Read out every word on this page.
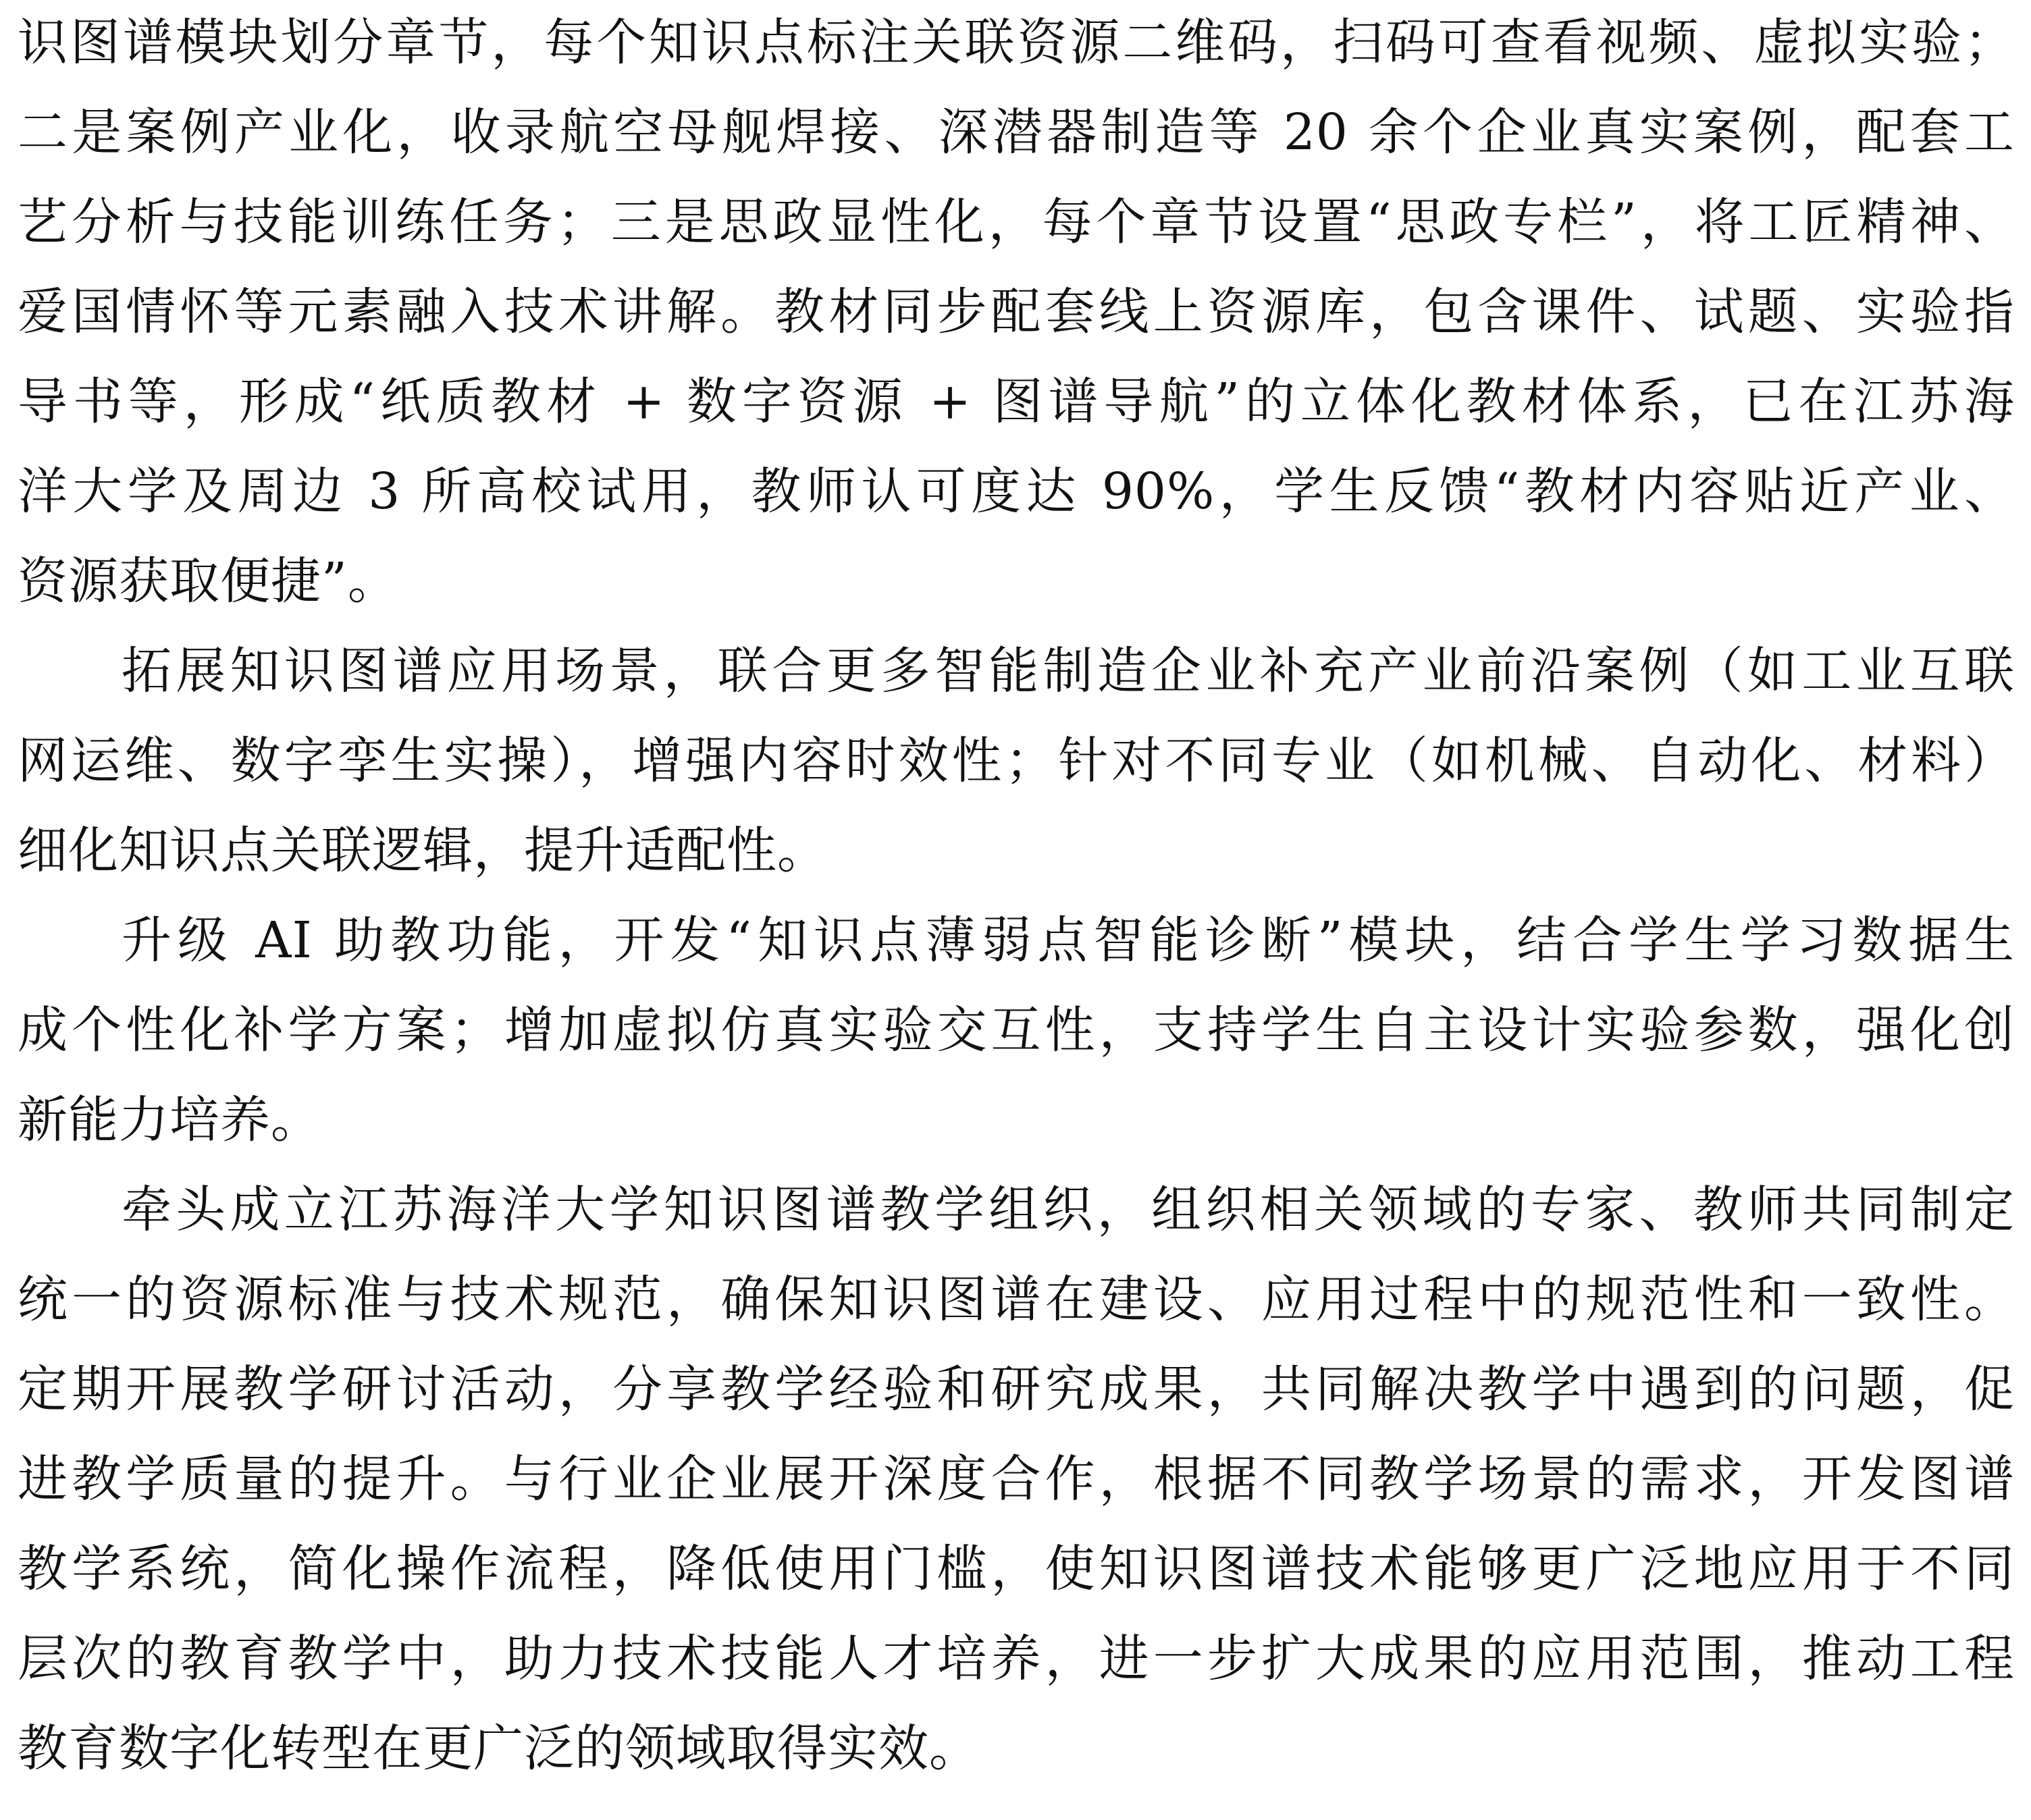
识图谱模块划分章节，每个知识点标注关联资源二维码，扫码可查看视频、虚拟实验；
二是案例产业化，收录航空母舰焊接、深潜器制造等 20 余个企业真实案例，配套工
艺分析与技能训练任务；三是思政显性化，每个章节设置“思政专栏”，将工匠精神、
爱国情怀等元素融入技术讲解。教材同步配套线上资源库，包含课件、试题、实验指
导书等，形成“纸质教材 + 数字资源 + 图谱导航”的立体化教材体系，已在江苏海
洋大学及周边 3 所高校试用，教师认可度达 90%，学生反馈“教材内容贴近产业、
资源获取便捷”。
拓展知识图谱应用场景，联合更多智能制造企业补充产业前沿案例（如工业互联
网运维、数字孪生实操），增强内容时效性；针对不同专业（如机械、自动化、材料）
细化知识点关联逻辑，提升适配性。
升级 AI 助教功能，开发“知识点薄弱点智能诊断”模块，结合学生学习数据生
成个性化补学方案；增加虚拟仿真实验交互性，支持学生自主设计实验参数，强化创
新能力培养。
牵头成立江苏海洋大学知识图谱教学组织，组织相关领域的专家、教师共同制定
统一的资源标准与技术规范，确保知识图谱在建设、应用过程中的规范性和一致性。
定期开展教学研讨活动，分享教学经验和研究成果，共同解决教学中遇到的问题，促
进教学质量的提升。与行业企业展开深度合作，根据不同教学场景的需求，开发图谱
教学系统，简化操作流程，降低使用门槛，使知识图谱技术能够更广泛地应用于不同
层次的教育教学中，助力技术技能人才培养，进一步扩大成果的应用范围，推动工程
教育数字化转型在更广泛的领域取得实效。
